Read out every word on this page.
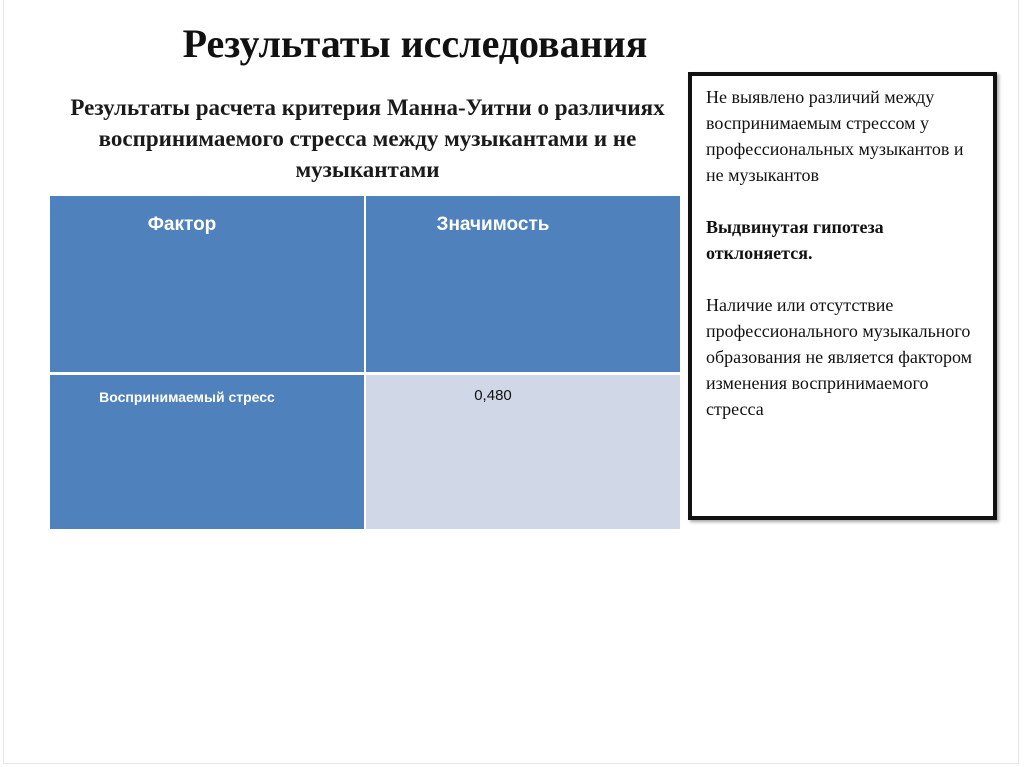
Результаты исследования
Результаты расчета критерия Манна-Уитни о различиях воспринимаемого стресса между музыкантами и не музыкантами
Фактор	Значимость
Воспринимаемый стресс	0,480

Не выявлено различий между воспринимаемым стрессом у профессиональных музыкантов и не музыкантов

Выдвинутая гипотеза отклоняется.

Наличие или отсутствие профессионального музыкального образования не является фактором изменения воспринимаемого стресса
